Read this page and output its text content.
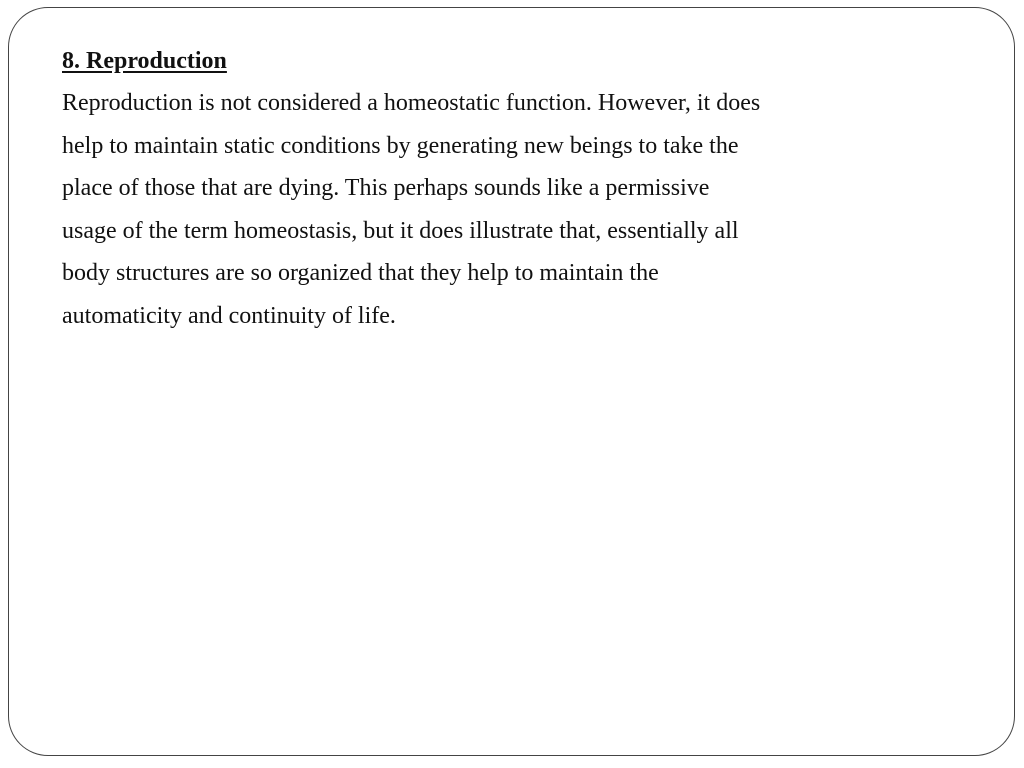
8. Reproduction

Reproduction is not considered a homeostatic function. However, it does
help to maintain static conditions by generating new beings to take the
place of those that are dying. This perhaps sounds like a permissive
usage of the term homeostasis, but it does illustrate that, essentially all
body structures are so organized that they help to maintain the
automaticity and continuity of life.
